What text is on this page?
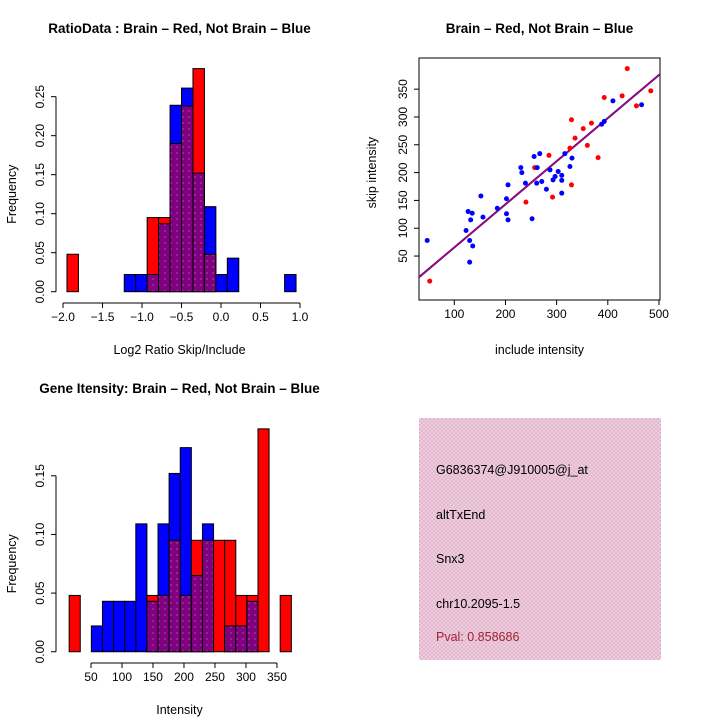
−2.0 −1.5 −1.0 −0.5 0.0 0.5 1.0
0.00
0.05
0.10
0.15
0.20
0.25
RatioData : Brain – Red, Not Brain – Blue
Log2 Ratio Skip/Include
Frequency
100	200	300	400	500
50
100
150
200
250
300
350
Brain – Red, Not Brain – Blue
include intensity
skip intensity
50 100 150 200 250 300 350
0.00
0.05
0.10
0.15
Gene Itensity: Brain – Red, Not Brain – Blue
Intensity
Frequency
G6836374@J910005@j_at
altTxEnd
Snx3
chr10.2095-1.5
Pval: 0.858686
